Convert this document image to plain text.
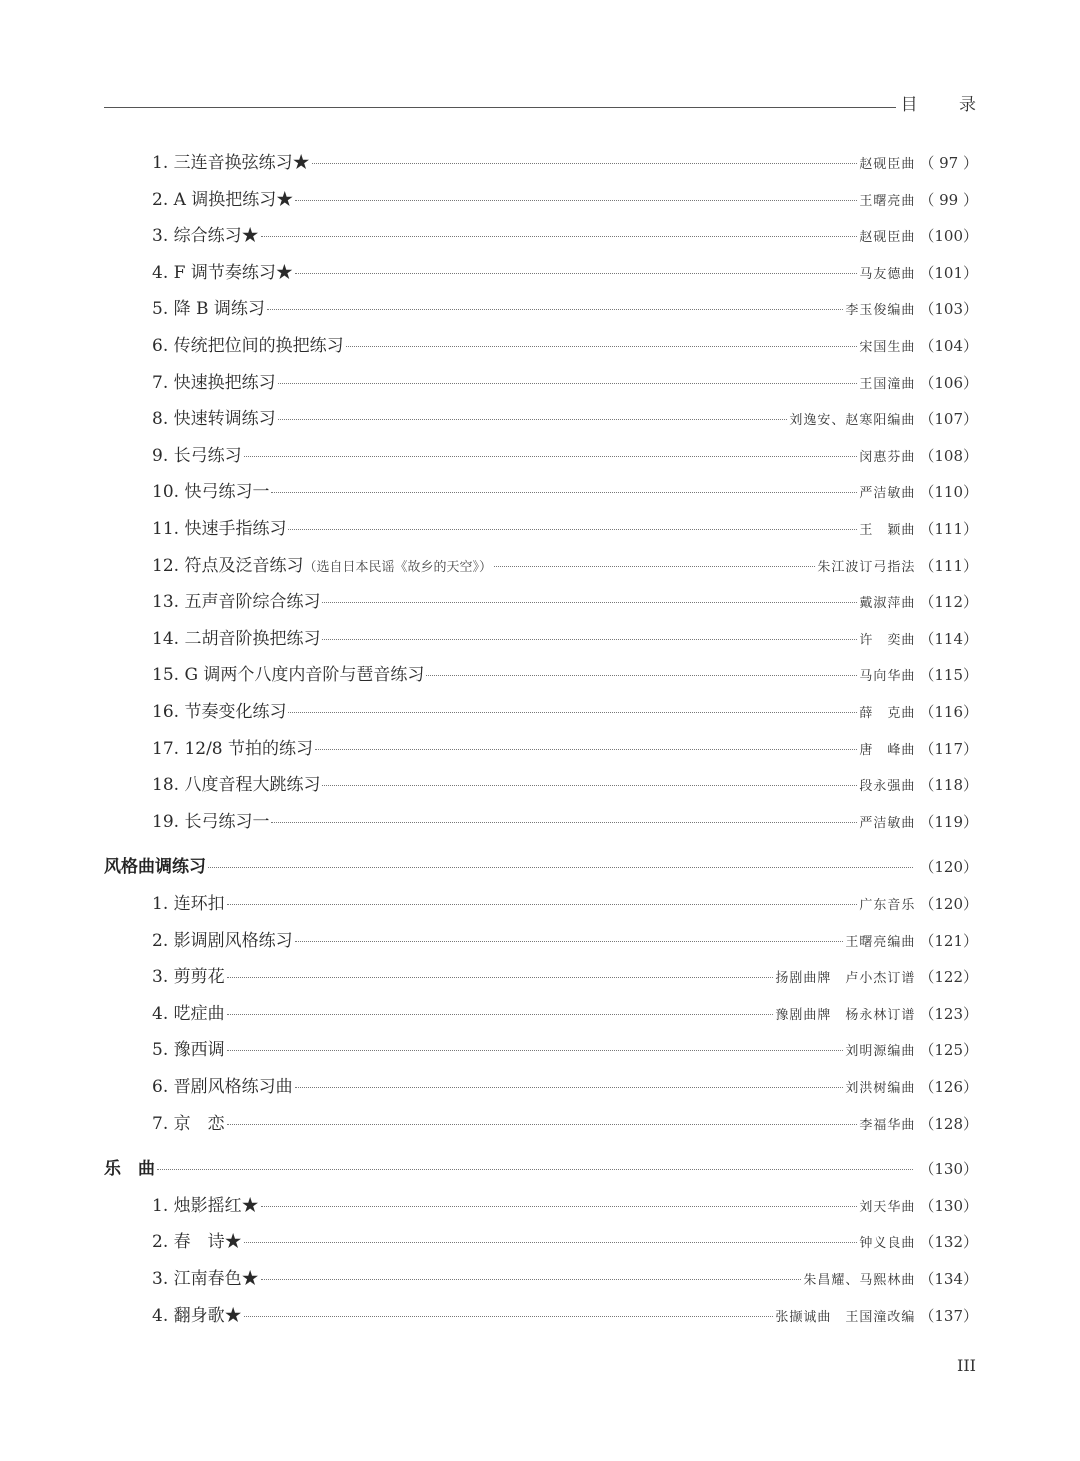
目 录
1. 三连音换弦练习★	赵砚臣曲 （ 97 ）
2. A 调换把练习★	王曙亮曲 （ 99 ）
3. 综合练习★	赵砚臣曲 （100）
4. F 调节奏练习★	马友德曲 （101）
5. 降 B 调练习	李玉俊编曲 （103）
6. 传统把位间的换把练习	宋国生曲 （104）
7. 快速换把练习	王国潼曲 （106）
8. 快速转调练习	刘逸安、赵寒阳编曲 （107）
9. 长弓练习	闵惠芬曲 （108）
10. 快弓练习一	严洁敏曲 （110）
11. 快速手指练习	王　颖曲 （111）
12. 符点及泛音练习 （选自日本民谣《故乡的天空》）	朱江波订弓指法 （111）
13. 五声音阶综合练习	戴淑萍曲 （112）
14. 二胡音阶换把练习	许　奕曲 （114）
15. G 调两个八度内音阶与琶音练习	马向华曲 （115）
16. 节奏变化练习	薛　克曲 （116）
17. 12/8 节拍的练习	唐　峰曲 （117）
18. 八度音程大跳练习	段永强曲 （118）
19. 长弓练习一	严洁敏曲 （119）
风格曲调练习	（120）
1. 连环扣	广东音乐 （120）
2. 影调剧风格练习	王曙亮编曲 （121）
3. 剪剪花	扬剧曲牌　卢小杰订谱 （122）
4. 呓症曲	豫剧曲牌　杨永林订谱 （123）
5. 豫西调	刘明源编曲 （125）
6. 晋剧风格练习曲	刘洪树编曲 （126）
7. 京　恋	李福华曲 （128）
乐　曲	（130）
1. 烛影摇红★	刘天华曲 （130）
2. 春　诗★	钟义良曲 （132）
3. 江南春色★	朱昌耀、马熙林曲 （134）
4. 翻身歌★	张撷诚曲　王国潼改编 （137）
III
